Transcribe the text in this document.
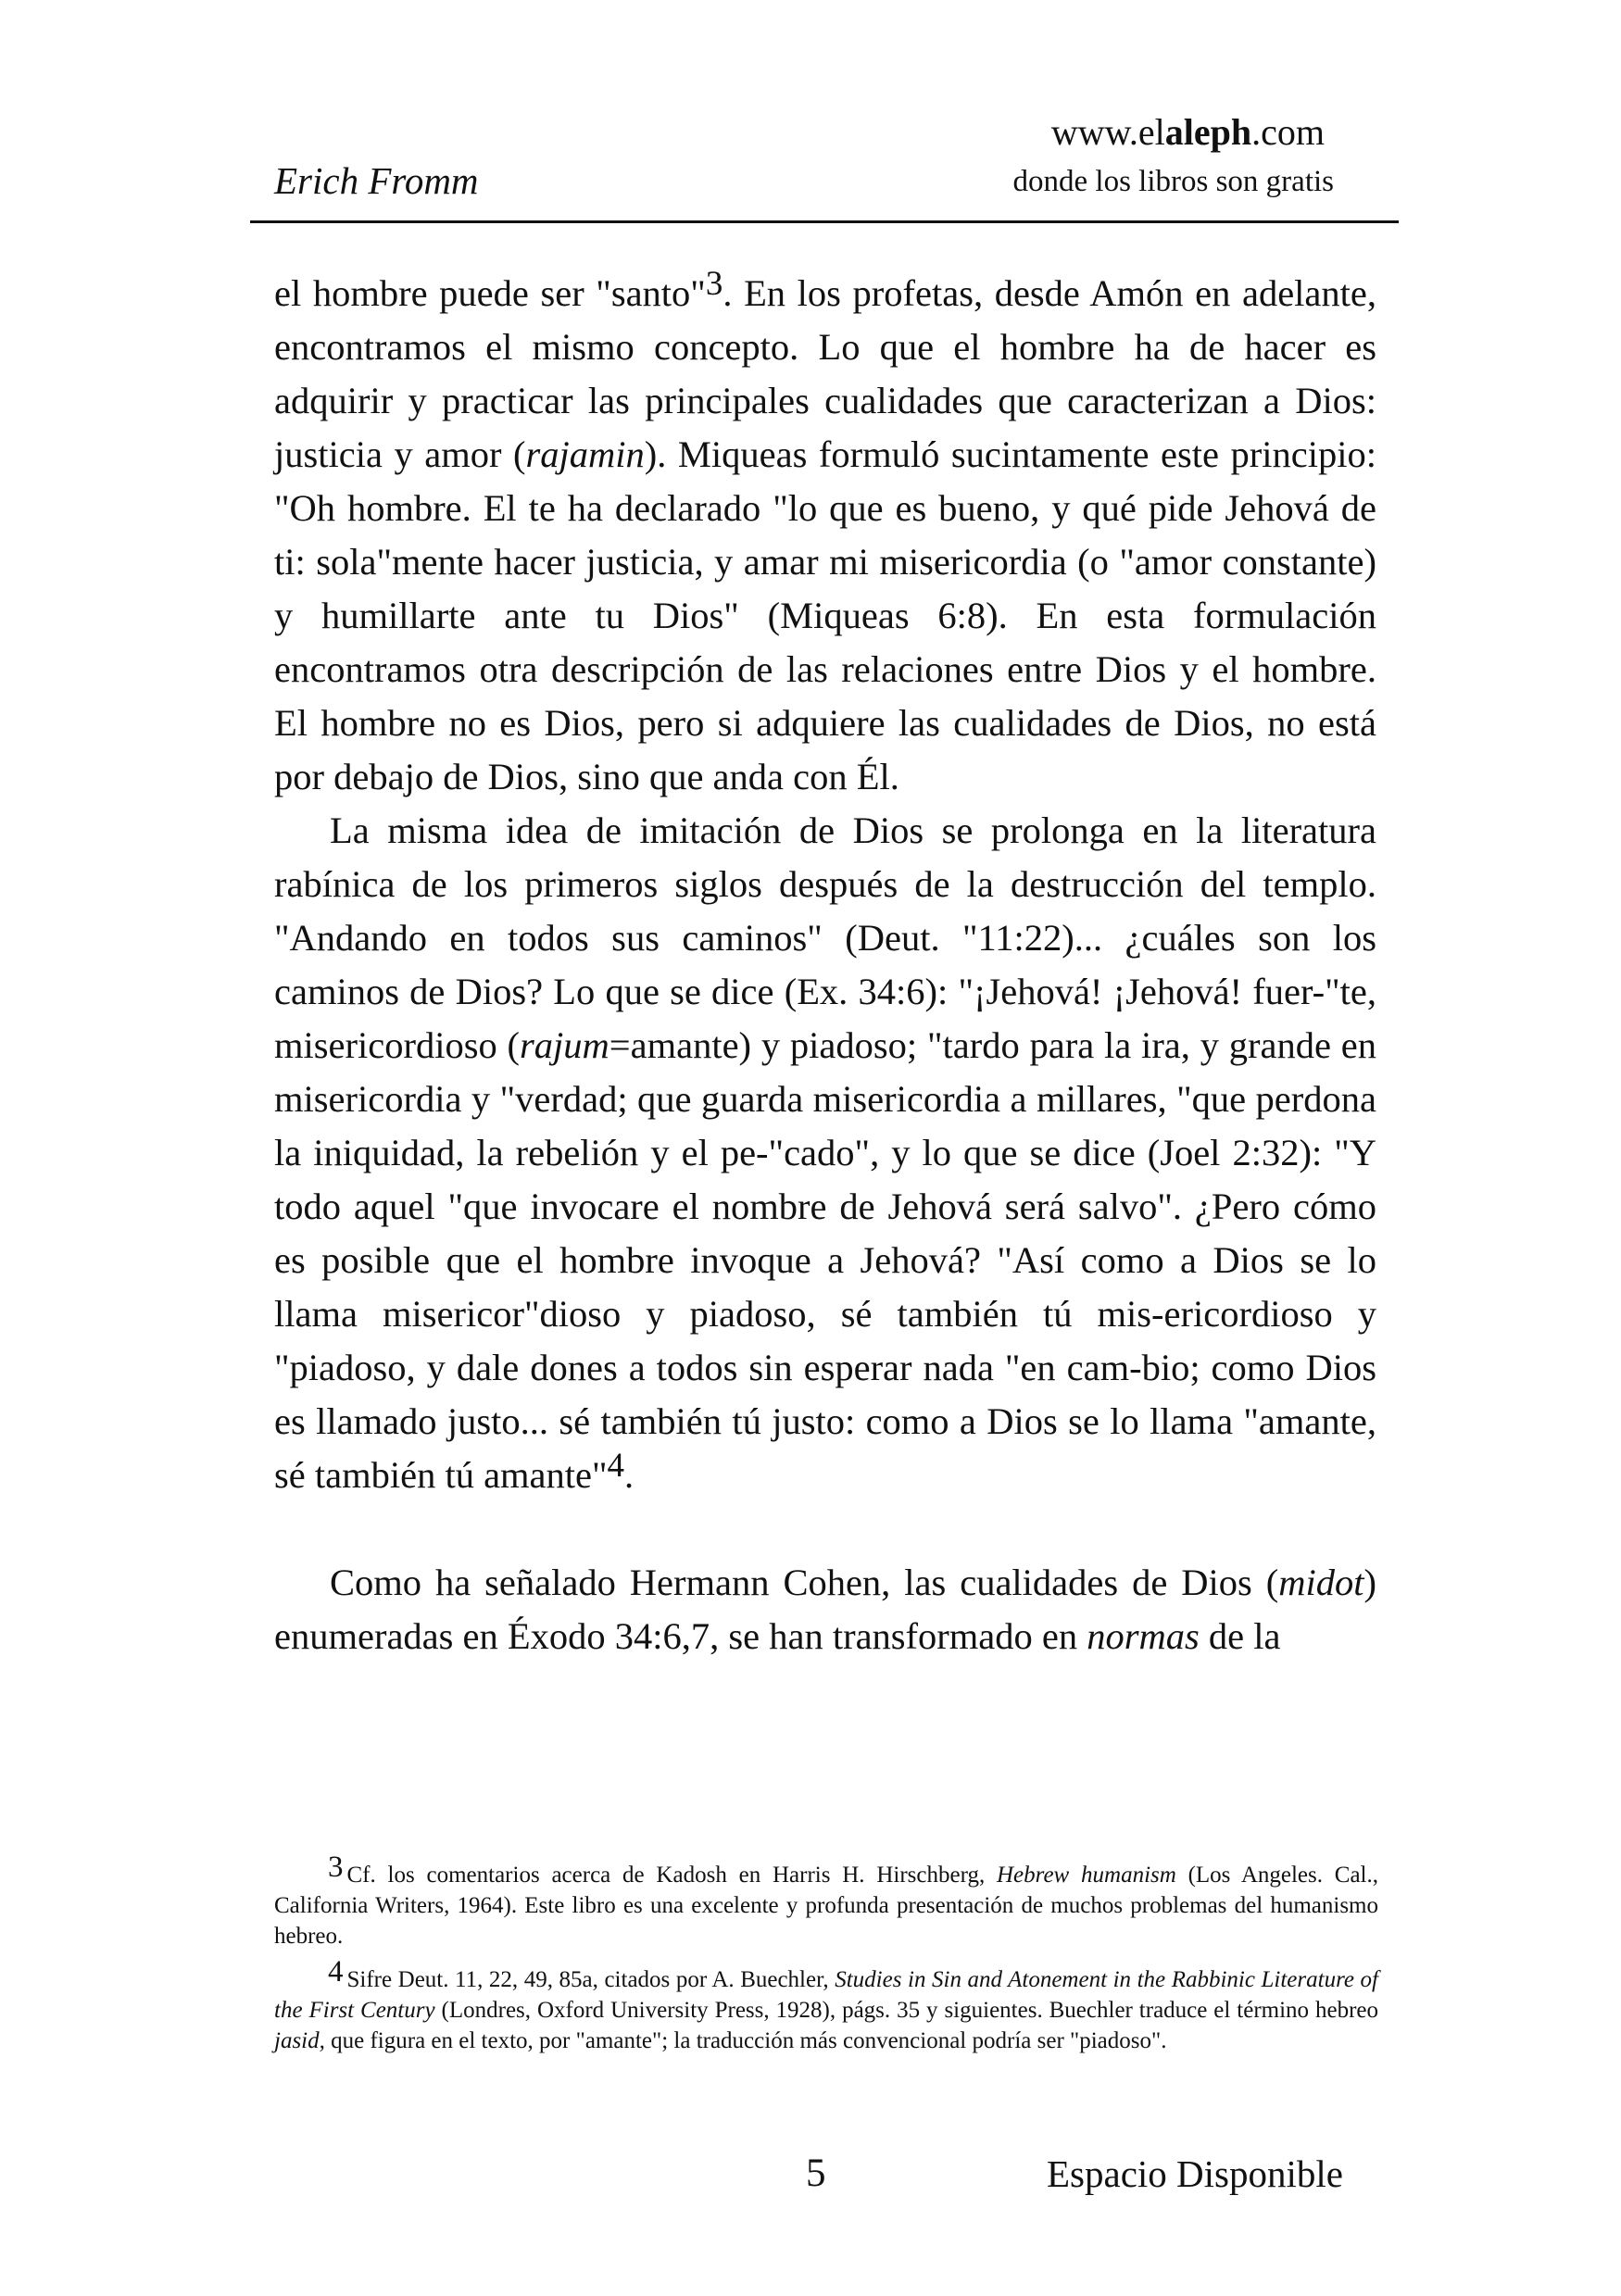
www.elaleph.com
Erich Fromm	donde los libros son gratis

el hombre puede ser "santo"$^3$. En los profetas, desde Amón en adelante, encontramos el mismo concepto. Lo que el hombre ha de hacer es adquirir y practicar las principales cualidades que caracterizan a Dios: justicia y amor (rajamin). Miqueas formuló sucintamente este principio: "Oh hombre. El te ha declarado "lo que es bueno, y qué pide Jehová de ti: sola"mente hacer justicia, y amar mi misericordia (o "amor constante) y humillarte ante tu Dios" (Miqueas 6:8). En esta formulación encontramos otra descripción de las relaciones entre Dios y el hombre. El hombre no es Dios, pero si adquiere las cualidades de Dios, no está por debajo de Dios, sino que anda con Él.

La misma idea de imitación de Dios se prolonga en la literatura rabínica de los primeros siglos después de la destrucción del templo. "Andando en todos sus caminos" (Deut. "11:22)... ¿cuáles son los caminos de Dios? Lo que se dice (Ex. 34:6): "¡Jehová! ¡Jehová! fuer-"te, misericordioso (rajum=amante) y piadoso; "tardo para la ira, y grande en misericordia y "verdad; que guarda misericordia a millares, "que perdona la iniquidad, la rebelión y el pe-"cado", y lo que se dice (Joel 2:32): "Y todo aquel "que invocare el nombre de Jehová será salvo". ¿Pero cómo es posible que el hombre invoque a Jehová? "Así como a Dios se lo llama misericor"dioso y piadoso, sé también tú mis-ericordioso y "piadoso, y dale dones a todos sin esperar nada "en cam-bio; como Dios es llamado justo... sé también tú justo: como a Dios se lo llama "amante, sé también tú amante"$^4$.

Como ha señalado Hermann Cohen, las cualidades de Dios (midot) enumeradas en Éxodo 34:6,7, se han transformado en normas de la

3 Cf. los comentarios acerca de Kadosh en Harris H. Hirschberg, Hebrew humanism (Los Angeles. Cal., California Writers, 1964). Este libro es una excelente y profunda presentación de muchos problemas del humanismo hebreo.

4 Sifre Deut. 11, 22, 49, 85a, citados por A. Buechler, Studies in Sin and Atonement in the Rabbinic Literature of the First Century (Londres, Oxford University Press, 1928), págs. 35 y siguientes. Buechler traduce el término hebreo jasid, que figura en el texto, por "amante"; la traducción más convencional podría ser "piadoso".

5	Espacio Disponible
